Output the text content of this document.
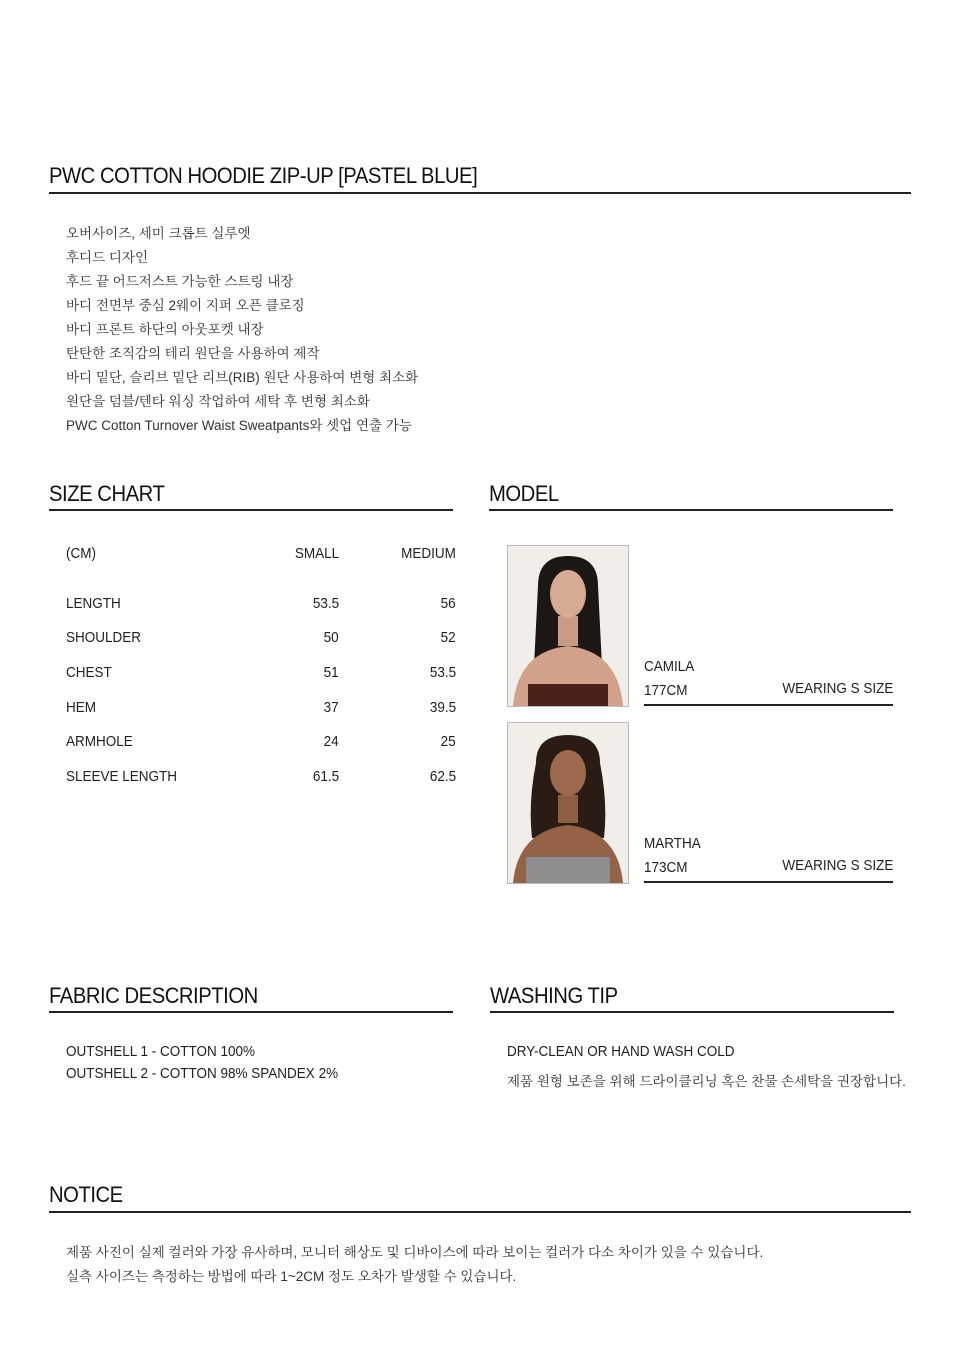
PWC COTTON HOODIE ZIP-UP [PASTEL BLUE]
오버사이즈, 세미 크롭트 실루엣
후디드 디자인
후드 끝 어드저스트 가능한 스트링 내장
바디 전면부 중심 2웨이 지퍼 오픈 클로징
바디 프론트 하단의 아웃포켓 내장
탄탄한 조직감의 테리 원단을 사용하여 제작
바디 밑단, 슬리브 밑단 리브(RIB) 원단 사용하여 변형 최소화
원단을 덤블/텐타 워싱 작업하여 세탁 후 변형 최소화
PWC Cotton Turnover Waist Sweatpants와 셋업 연출 가능
SIZE CHART
(CM)	SMALL	MEDIUM
LENGTH	53.5	56
SHOULDER	50	52
CHEST	51	53.5
HEM	37	39.5
ARMHOLE	24	25
SLEEVE LENGTH	61.5	62.5
MODEL
CAMILA
177CM	WEARING S SIZE
MARTHA
173CM	WEARING S SIZE
FABRIC DESCRIPTION
OUTSHELL 1 - COTTON 100%
OUTSHELL 2 - COTTON 98% SPANDEX 2%
WASHING TIP
DRY-CLEAN OR HAND WASH COLD
제품 원형 보존을 위해 드라이클리닝 혹은 찬물 손세탁을 권장합니다.
NOTICE
제품 사진이 실제 컬러와 가장 유사하며, 모니터 해상도 및 디바이스에 따라 보이는 컬러가 다소 차이가 있을 수 있습니다.
실측 사이즈는 측정하는 방법에 따라 1~2CM 정도 오차가 발생할 수 있습니다.
